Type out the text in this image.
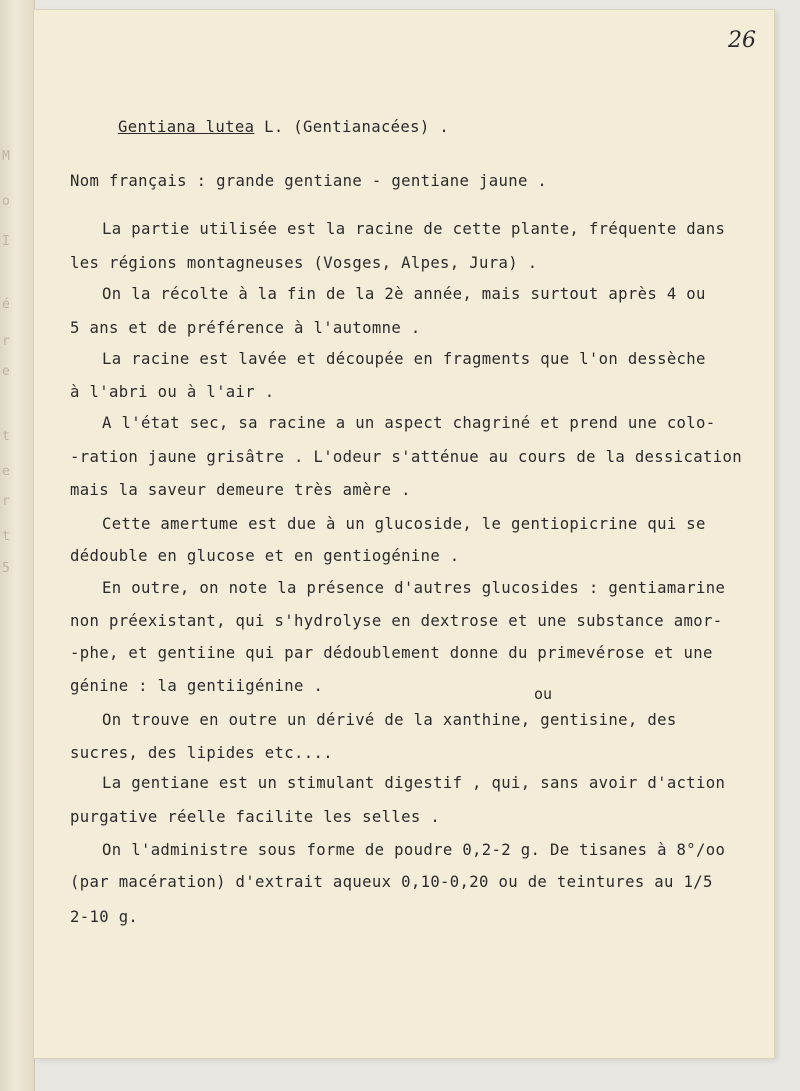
M
o
I
é
r
e
t
e
r
t
5
26

Gentiana lutea L. (Gentianacées) .

Nom français : grande gentiane - gentiane jaune .

La partie utilisée est la racine de cette plante, fréquente dans

les régions montagneuses (Vosges, Alpes, Jura) .

On la récolte à la fin de la 2è année, mais surtout après 4 ou

5 ans et de préférence à l'automne .

La racine est lavée et découpée en fragments que l'on dessèche

à l'abri ou à l'air .

A l'état sec, sa racine a un aspect chagriné et prend une colo-

-ration jaune grisâtre . L'odeur s'atténue au cours de la dessication

mais la saveur demeure très amère .

Cette amertume est due à un glucoside, le gentiopicrine qui se

dédouble en glucose et en gentiogénine .

En outre, on note la présence d'autres glucosides : gentiamarine

non préexistant, qui s'hydrolyse en dextrose et une substance amor-

-phe, et gentiine qui par dédoublement donne du primevérose et une

génine : la gentiigénine .	ou

On trouve en outre un dérivé de la xanthine, gentisine, des

sucres, des lipides etc....

La gentiane est un stimulant digestif , qui, sans avoir d'action

purgative réelle facilite les selles .

On l'administre sous forme de poudre 0,2-2 g. De tisanes à 8°/oo

(par macération) d'extrait aqueux 0,10-0,20 ou de teintures au 1/5

2-10 g.
